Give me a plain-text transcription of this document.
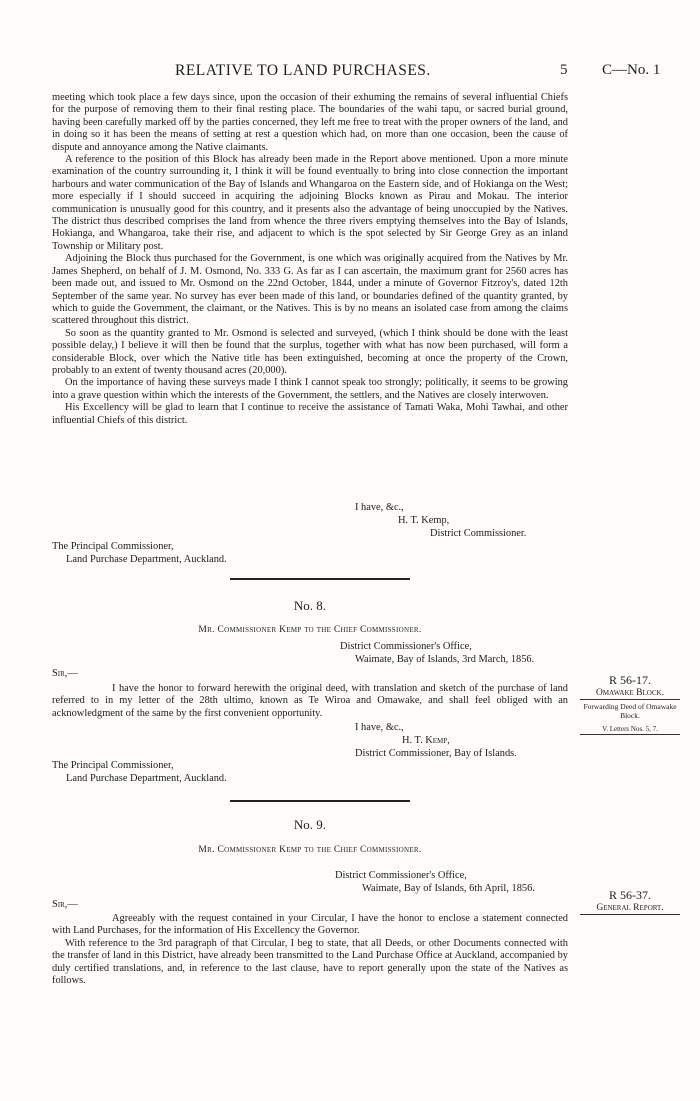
RELATIVE TO LAND PURCHASES.	5 C—No. 1

meeting which took place a few days since, upon the occasion of their exhuming the remains of several influential Chiefs for the purpose of removing them to their final resting place. The boundaries of the wahi tapu, or sacred burial ground, having been carefully marked off by the parties concerned, they left me free to treat with the proper owners of the land, and in doing so it has been the means of setting at rest a question which had, on more than one occasion, been the cause of dispute and annoyance among the Native claimants.

A reference to the position of this Block has already been made in the Report above mentioned. Upon a more minute examination of the country surrounding it, I think it will be found eventually to bring into close connection the important harbours and water communication of the Bay of Islands and Whangaroa on the Eastern side, and of Hokianga on the West; more especially if I should succeed in acquiring the adjoining Blocks known as Pirau and Mokau. The interior communication is unusually good for this country, and it presents also the advantage of being unoccupied by the Natives. The district thus described comprises the land from whence the three rivers emptying themselves into the Bay of Islands, Hokianga, and Whangaroa, take their rise, and adjacent to which is the spot selected by Sir George Grey as an inland Township or Military post.

Adjoining the Block thus purchased for the Government, is one which was originally acquired from the Natives by Mr. James Shepherd, on behalf of J. M. Osmond, No. 333 G. As far as I can ascertain, the maximum grant for 2560 acres has been made out, and issued to Mr. Osmond on the 22nd October, 1844, under a minute of Governor Fitzroy's, dated 12th September of the same year. No survey has ever been made of this land, or boundaries defined of the quantity granted, by which to guide the Government, the claimant, or the Natives. This is by no means an isolated case from among the claims scattered throughout this district.

So soon as the quantity granted to Mr. Osmond is selected and surveyed, (which I think should be done with the least possible delay,) I believe it will then be found that the surplus, together with what has now been purchased, will form a considerable Block, over which the Native title has been extinguished, becoming at once the property of the Crown, probably to an extent of twenty thousand acres (20,000).

On the importance of having these surveys made I think I cannot speak too strongly; politically, it seems to be growing into a grave question within which the interests of the Government, the settlers, and the Natives are closely interwoven.

His Excellency will be glad to learn that I continue to receive the assistance of Tamati Waka, Mohi Tawhai, and other influential Chiefs of this district.

I have, &c.,
H. T. Kemp,
District Commissioner.
The Principal Commissioner,
Land Purchase Department, Auckland.
No. 8.
Mr. Commissioner Kemp to the Chief Commissioner.
District Commissioner's Office,
Waimate, Bay of Islands, 3rd March, 1856.
Sir,—

I have the honor to forward herewith the original deed, with translation and sketch of the purchase of land referred to in my letter of the 28th ultimo, known as Te Wiroa and Omawake, and shall feel obliged with an acknowledgment of the same by the first convenient opportunity.

I have, &c.,
H. T. Kemp,
District Commissioner, Bay of Islands.
The Principal Commissioner,
Land Purchase Department, Auckland.
R 56-17.
Omawake Block.
Forwarding Deed of Omawake Block.
V. Letters Nos. 5, 7.
No. 9.
Mr. Commissioner Kemp to the Chief Commissioner.
District Commissioner's Office,
Waimate, Bay of Islands, 6th April, 1856.
Sir,—

Agreeably with the request contained in your Circular, I have the honor to enclose a statement connected with Land Purchases, for the information of His Excellency the Governor.

With reference to the 3rd paragraph of that Circular, I beg to state, that all Deeds, or other Documents connected with the transfer of land in this District, have already been transmitted to the Land Purchase Office at Auckland, accompanied by duly certified translations, and, in reference to the last clause, have to report generally upon the state of the Natives as follows.

R 56-37.
General Report.
